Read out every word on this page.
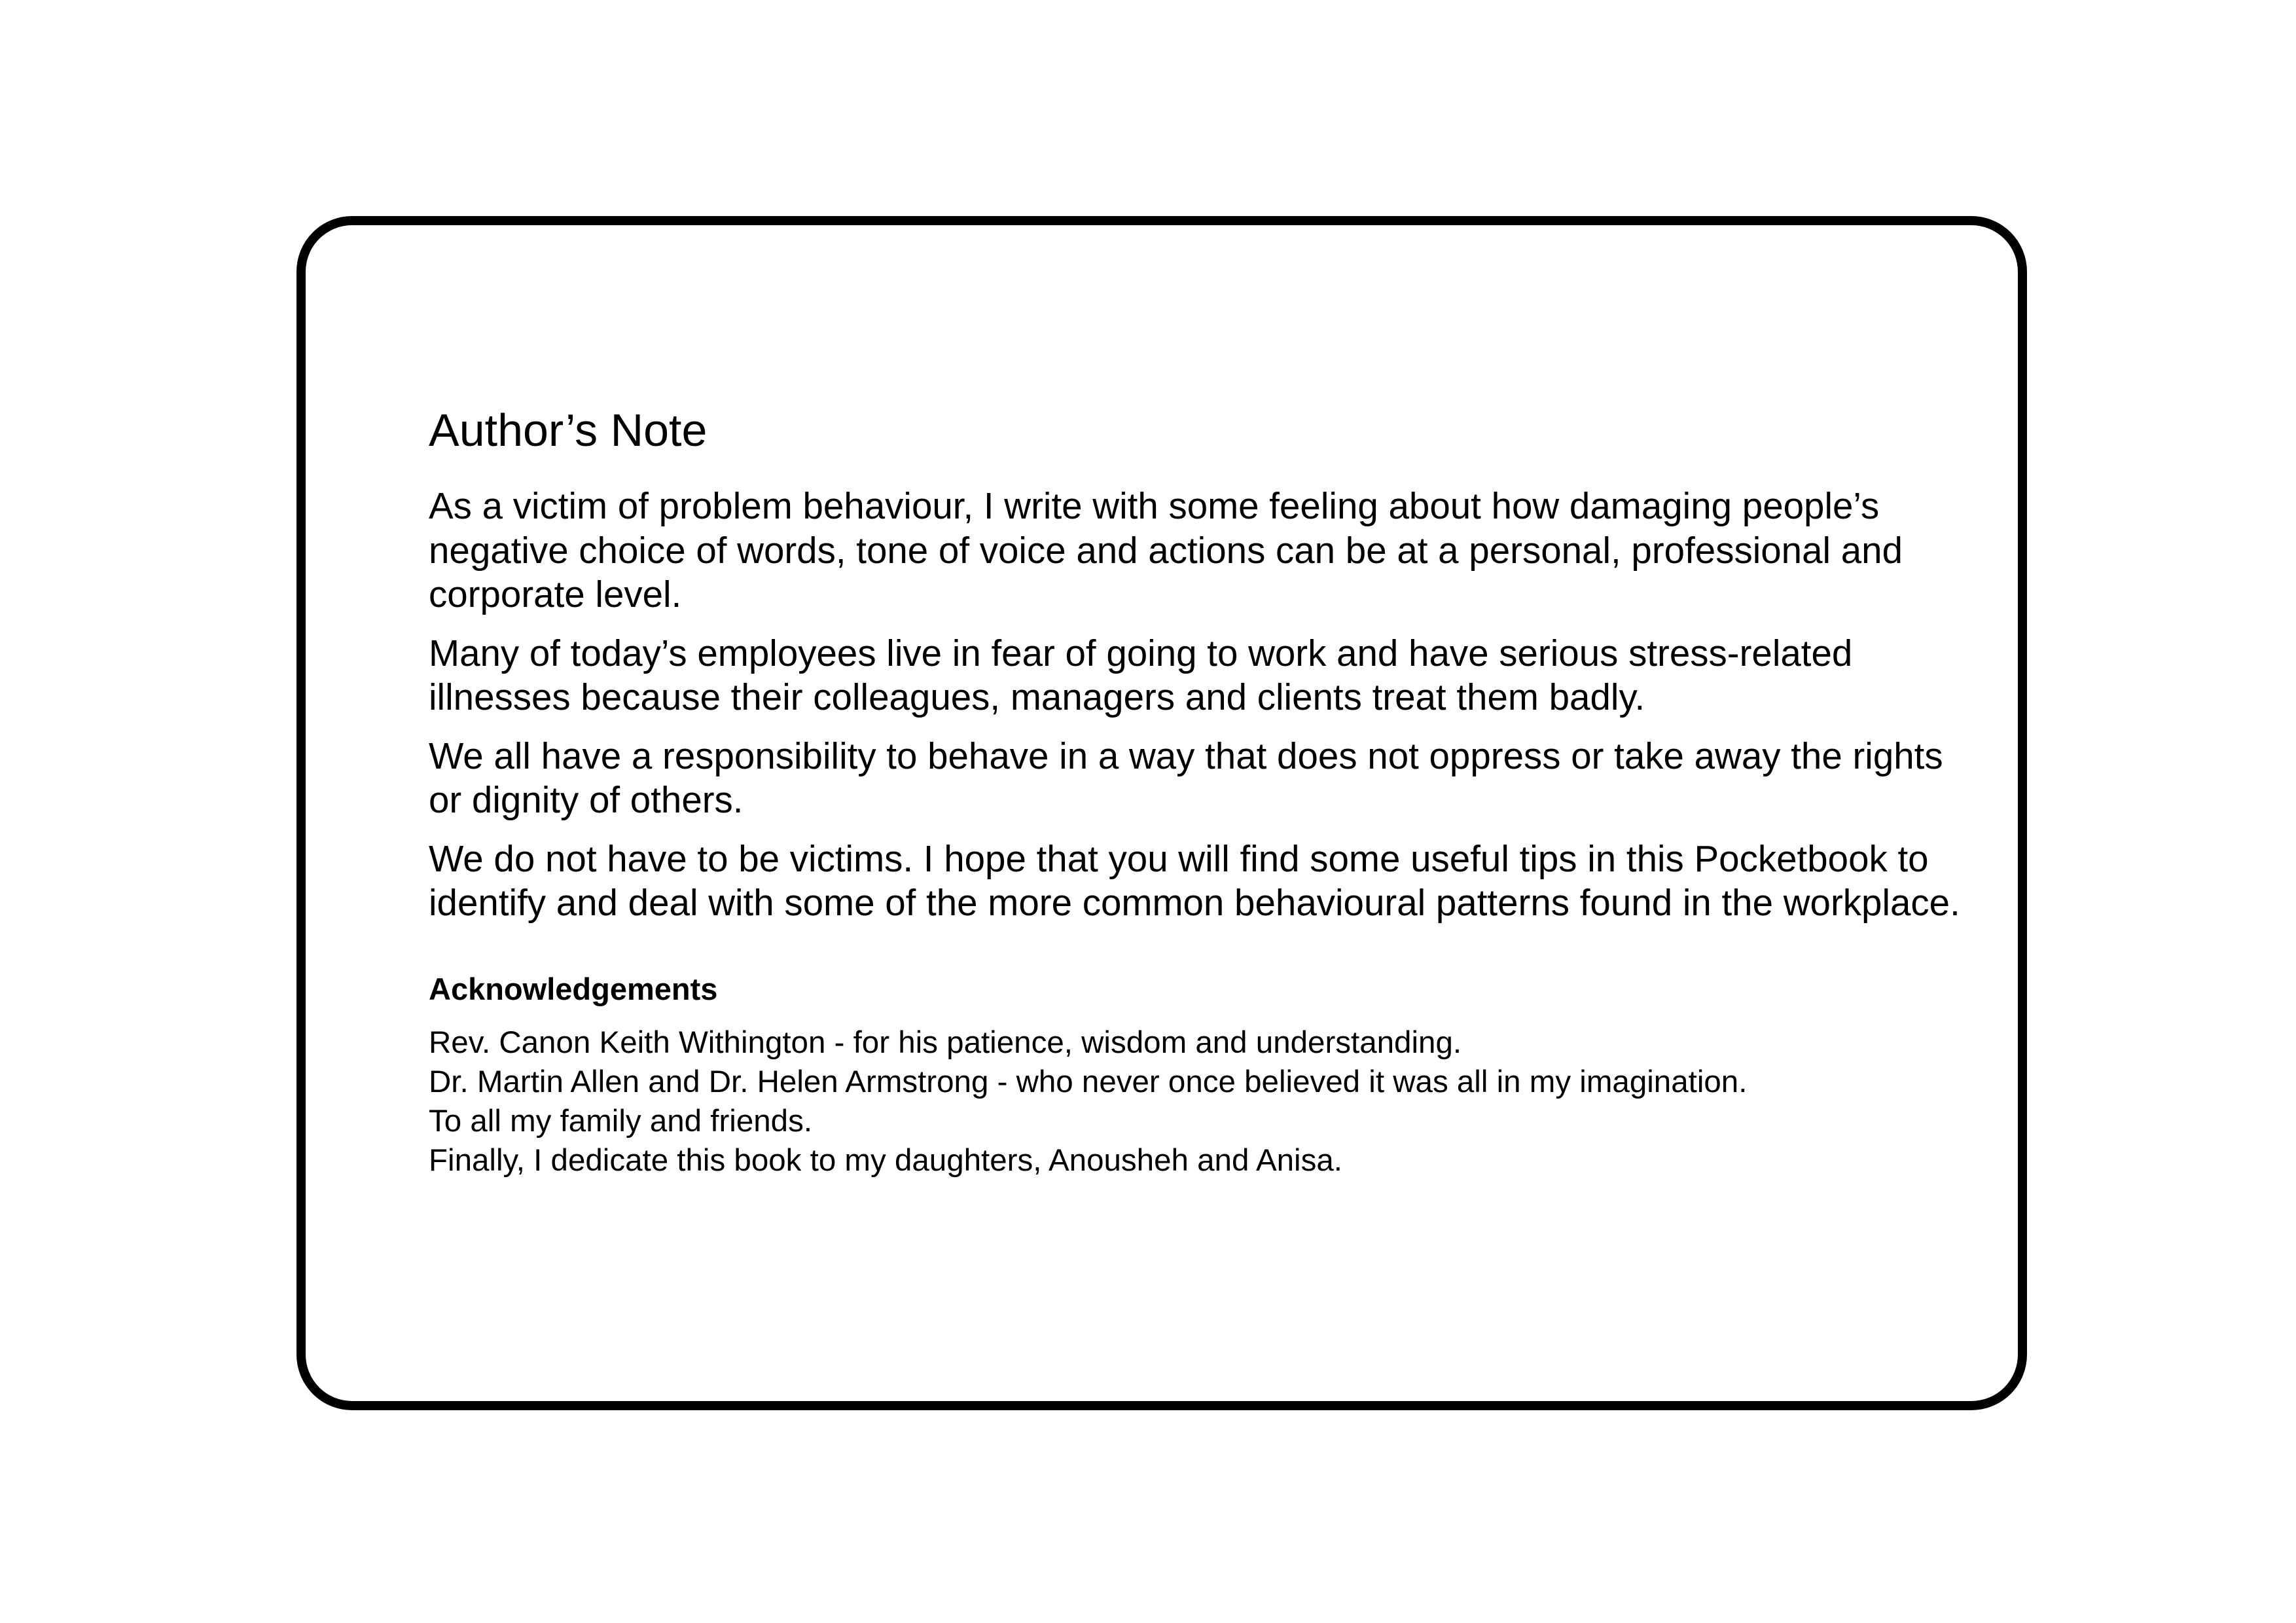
Author’s Note

As a victim of problem behaviour, I write with some feeling about how damaging people’s negative choice of words, tone of voice and actions can be at a personal, professional and corporate level.

Many of today’s employees live in fear of going to work and have serious stress-related illnesses because their colleagues, managers and clients treat them badly.

We all have a responsibility to behave in a way that does not oppress or take away the rights or dignity of others.

We do not have to be victims. I hope that you will find some useful tips in this Pocketbook to identify and deal with some of the more common behavioural patterns found in the workplace.

Acknowledgements

Rev. Canon Keith Withington - for his patience, wisdom and understanding.

Dr. Martin Allen and Dr. Helen Armstrong - who never once believed it was all in my imagination.

To all my family and friends.

Finally, I dedicate this book to my daughters, Anousheh and Anisa.
